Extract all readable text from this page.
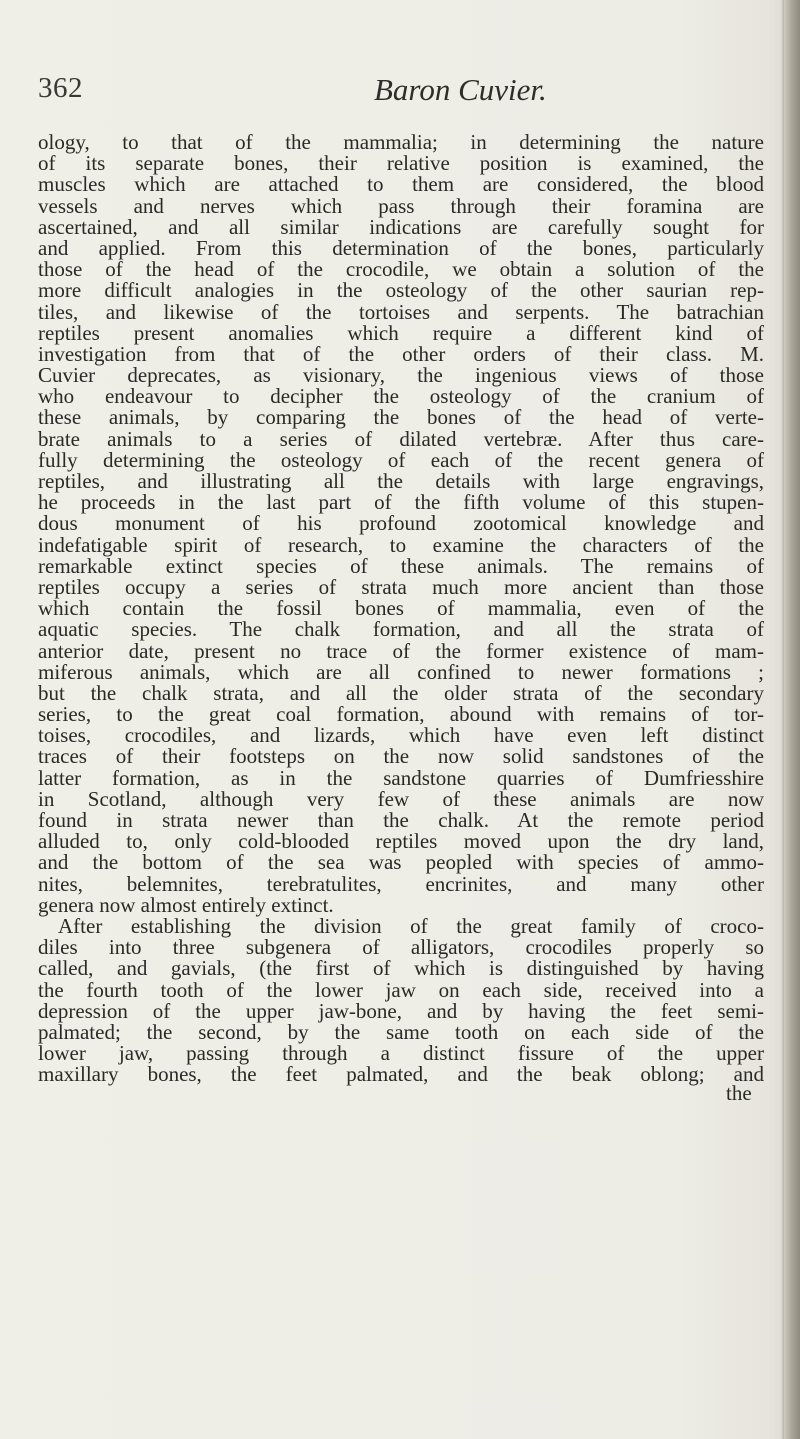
362	Baron Cuvier.
ology, to that of the mammalia; in determining the nature
of its separate bones, their relative position is examined, the
muscles which are attached to them are considered, the blood
vessels and nerves which pass through their foramina are
ascertained, and all similar indications are carefully sought for
and applied. From this determination of the bones, particularly
those of the head of the crocodile, we obtain a solution of the
more difficult analogies in the osteology of the other saurian rep-
tiles, and likewise of the tortoises and serpents. The batrachian
reptiles present anomalies which require a different kind of
investigation from that of the other orders of their class. M.
Cuvier deprecates, as visionary, the ingenious views of those
who endeavour to decipher the osteology of the cranium of
these animals, by comparing the bones of the head of verte-
brate animals to a series of dilated vertebræ. After thus care-
fully determining the osteology of each of the recent genera of
reptiles, and illustrating all the details with large engravings,
he proceeds in the last part of the fifth volume of this stupen-
dous monument of his profound zootomical knowledge and
indefatigable spirit of research, to examine the characters of the
remarkable extinct species of these animals. The remains of
reptiles occupy a series of strata much more ancient than those
which contain the fossil bones of mammalia, even of the
aquatic species. The chalk formation, and all the strata of
anterior date, present no trace of the former existence of mam-
miferous animals, which are all confined to newer formations ;
but the chalk strata, and all the older strata of the secondary
series, to the great coal formation, abound with remains of tor-
toises, crocodiles, and lizards, which have even left distinct
traces of their footsteps on the now solid sandstones of the
latter formation, as in the sandstone quarries of Dumfriesshire
in Scotland, although very few of these animals are now
found in strata newer than the chalk. At the remote period
alluded to, only cold-blooded reptiles moved upon the dry land,
and the bottom of the sea was peopled with species of ammo-
nites, belemnites, terebratulites, encrinites, and many other
genera now almost entirely extinct.
After establishing the division of the great family of croco-
diles into three subgenera of alligators, crocodiles properly so
called, and gavials, (the first of which is distinguished by having
the fourth tooth of the lower jaw on each side, received into a
depression of the upper jaw-bone, and by having the feet semi-
palmated; the second, by the same tooth on each side of the
lower jaw, passing through a distinct fissure of the upper
maxillary bones, the feet palmated, and the beak oblong; and
the
